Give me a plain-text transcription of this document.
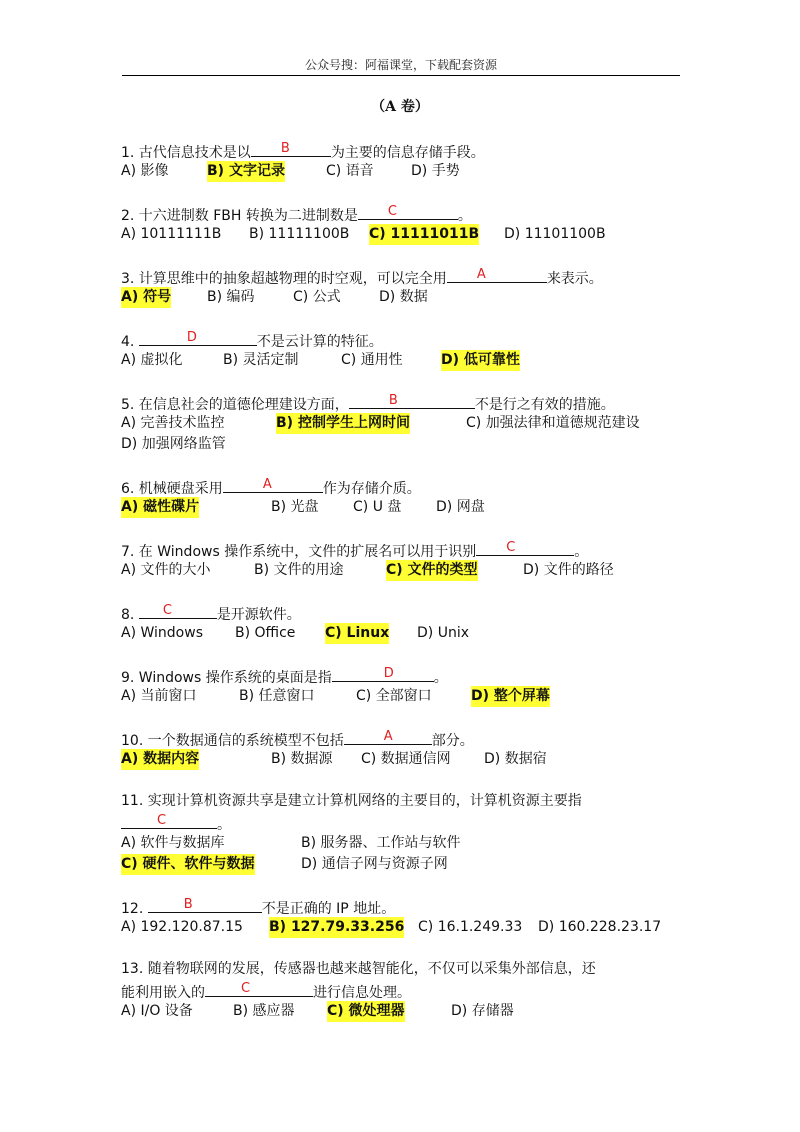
公众号搜：阿福课堂，下载配套资源
（A 卷）
1. 古代信息技术是以 B	为主要的信息存储手段。
A) 影像	B) 文字记录	C) 语音	D) 手势
2. 十六进制数 FBH 转换为二进制数是 C	。
A) 10111111B B) 11111100B C) 11111011B D) 11101100B
3. 计算思维中的抽象超越物理的时空观，可以完全用 A	来表示。
A) 符号	B) 编码	C) 公式	D) 数据
4.	D	不是云计算的特征。
A) 虚拟化	B) 灵活定制	C) 通用性	D) 低可靠性
5. 在信息社会的道德伦理建设方面，	B	不是行之有效的措施。
A) 完善技术监控	B) 控制学生上网时间	C) 加强法律和道德规范建设
D) 加强网络监管
6. 机械硬盘采用	A	作为存储介质。
A) 磁性碟片	B) 光盘 C) U 盘 D) 网盘
7. 在 Windows 操作系统中，文件的扩展名可以用于识别 C	。
A) 文件的大小	B) 文件的用途	C) 文件的类型	D) 文件的路径
8. C	是开源软件。
A) Windows B) Office C) Linux D) Unix
9. Windows 操作系统的桌面是指	D	。
A) 当前窗口	B) 任意窗口	C) 全部窗口	D) 整个屏幕
10. 一个数据通信的系统模型不包括	A	部分。
A) 数据内容	B) 数据源 C) 数据通信网 D) 数据宿
11. 实现计算机资源共享是建立计算机网络的主要目的，计算机资源主要指
C	。
A) 软件与数据库	B) 服务器、工作站与软件
C) 硬件、软件与数据	D) 通信子网与资源子网
12.	B	不是正确的 IP 地址。
A) 192.120.87.15 B) 127.79.33.256 C) 16.1.249.33 D) 160.228.23.17
13. 随着物联网的发展，传感器也越来越智能化，不仅可以采集外部信息，还
能利用嵌入的	C	进行信息处理。
A) I/O 设备	B) 感应器 C) 微处理器	D) 存储器
